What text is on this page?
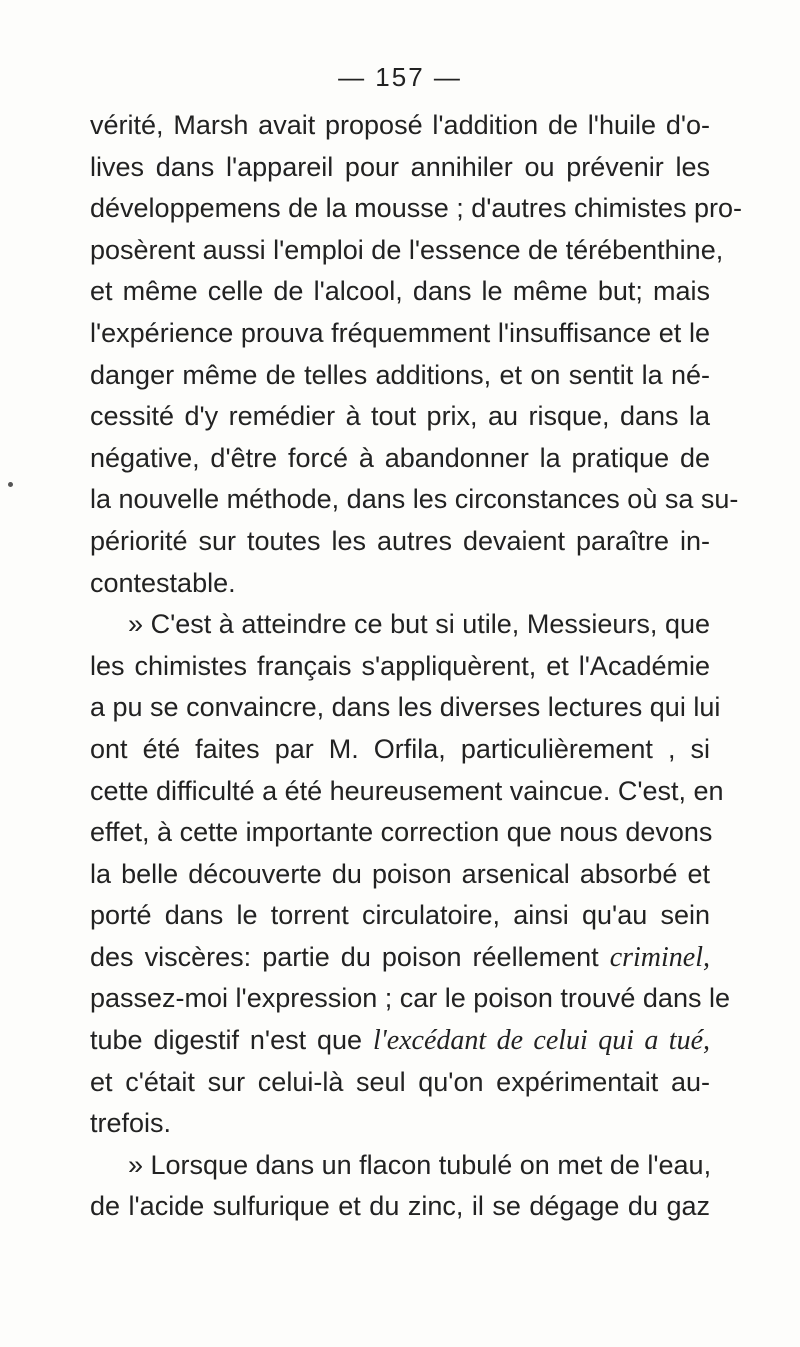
— 157 —
vérité, Marsh avait proposé l'addition de l'huile d'o-
lives dans l'appareil pour annihiler ou prévenir les
développemens de la mousse ; d'autres chimistes pro-
posèrent aussi l'emploi de l'essence de térébenthine,
et même celle de l'alcool, dans le même but; mais
l'expérience prouva fréquemment l'insuffisance et le
danger même de telles additions, et on sentit la né-
cessité d'y remédier à tout prix, au risque, dans la
négative, d'être forcé à abandonner la pratique de
la nouvelle méthode, dans les circonstances où sa su-
périorité sur toutes les autres devaient paraître in-
contestable.
» C'est à atteindre ce but si utile, Messieurs, que
les chimistes français s'appliquèrent, et l'Académie
a pu se convaincre, dans les diverses lectures qui lui
ont été faites par M. Orfila, particulièrement , si
cette difficulté a été heureusement vaincue. C'est, en
effet, à cette importante correction que nous devons
la belle découverte du poison arsenical absorbé et
porté dans le torrent circulatoire, ainsi qu'au sein
des viscères: partie du poison réellement criminel,
passez-moi l'expression ; car le poison trouvé dans le
tube digestif n'est que l'excédant de celui qui a tué,
et c'était sur celui-là seul qu'on expérimentait au-
trefois.
» Lorsque dans un flacon tubulé on met de l'eau,
de l'acide sulfurique et du zinc, il se dégage du gaz
